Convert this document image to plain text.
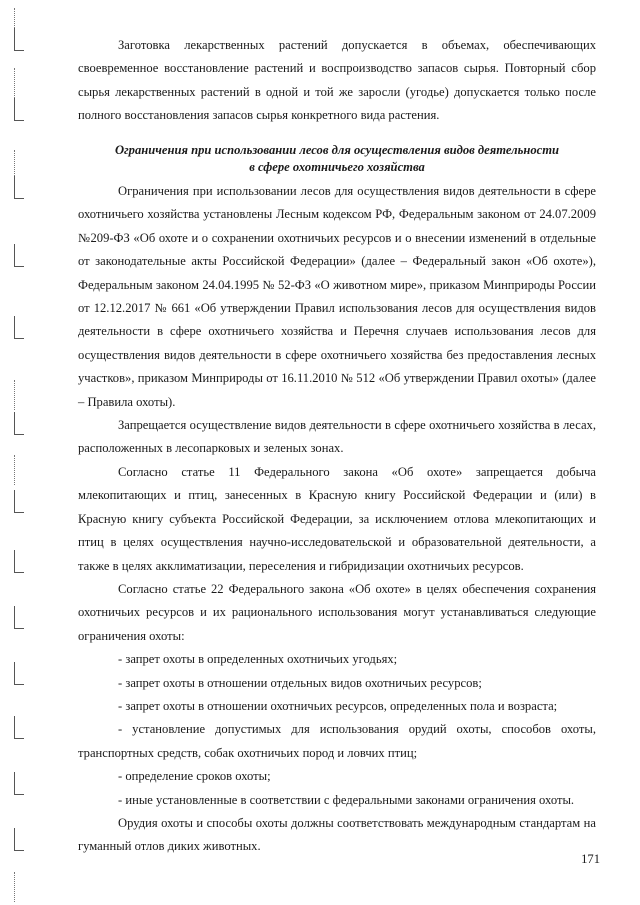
Заготовка лекарственных растений допускается в объемах, обеспечивающих своевременное восстановление растений и воспроизводство запасов сырья. Повторный сбор сырья лекарственных растений в одной и той же заросли (угодье) допускается только после полного восстановления запасов сырья конкретного вида растения.

Ограничения при использовании лесов для осуществления видов деятельности
в сфере охотничьего хозяйства

Ограничения при использовании лесов для осуществления видов деятельности в сфере охотничьего хозяйства установлены Лесным кодексом РФ, Федеральным законом от 24.07.2009 №209-ФЗ «Об охоте и о сохранении охотничьих ресурсов и о внесении изменений в отдельные от законодательные акты Российской Федерации» (далее – Федеральный закон «Об охоте»), Федеральным законом 24.04.1995 № 52-ФЗ «О животном мире», приказом Минприроды России от 12.12.2017 № 661 «Об утверждении Правил использования лесов для осуществления видов деятельности в сфере охотничьего хозяйства и Перечня случаев использования лесов для осуществления видов деятельности в сфере охотничьего хозяйства без предоставления лесных участков», приказом Минприроды от 16.11.2010 № 512 «Об утверждении Правил охоты» (далее – Правила охоты).

Запрещается осуществление видов деятельности в сфере охотничьего хозяйства в лесах, расположенных в лесопарковых и зеленых зонах.

Согласно статье 11 Федерального закона «Об охоте» запрещается добыча млекопитающих и птиц, занесенных в Красную книгу Российской Федерации и (или) в Красную книгу субъекта Российской Федерации, за исключением отлова млекопитающих и птиц в целях осуществления научно-исследовательской и образовательной деятельности, а также в целях акклиматизации, переселения и гибридизации охотничьих ресурсов.

Согласно статье 22 Федерального закона «Об охоте» в целях обеспечения сохранения охотничьих ресурсов и их рационального использования могут устанавливаться следующие ограничения охоты:

- запрет охоты в определенных охотничьих угодьях;

- запрет охоты в отношении отдельных видов охотничьих ресурсов;

- запрет охоты в отношении охотничьих ресурсов, определенных пола и возраста;

- установление допустимых для использования орудий охоты, способов охоты, транспортных средств, собак охотничьих пород и ловчих птиц;

- определение сроков охоты;

- иные установленные в соответствии с федеральными законами ограничения охоты.

Орудия охоты и способы охоты должны соответствовать международным стандартам на гуманный отлов диких животных.

171
